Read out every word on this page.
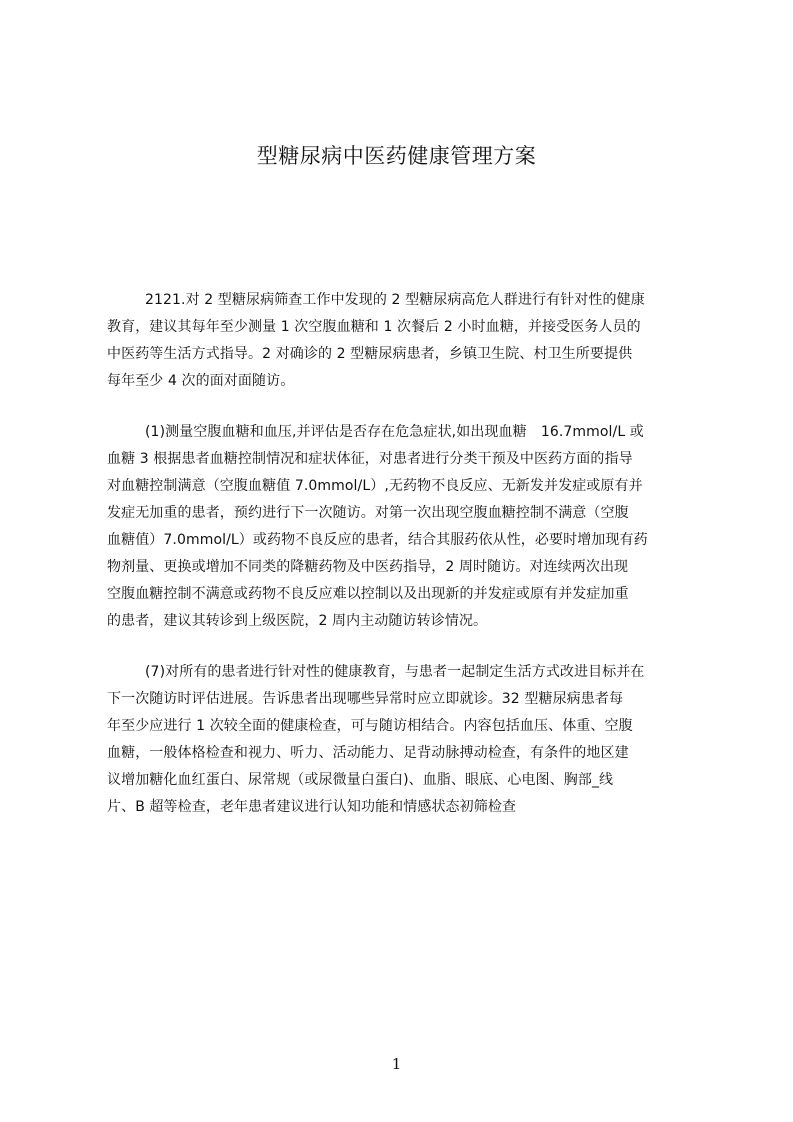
型糖尿病中医药健康管理方案
2121.对 2 型糖尿病筛查工作中发现的 2 型糖尿病高危人群进行有针对性的健康
教育，建议其每年至少测量 1 次空腹血糖和 1 次餐后 2 小时血糖，并接受医务人员的
中医药等生活方式指导。2 对确诊的 2 型糖尿病患者，乡镇卫生院、村卫生所要提供
每年至少 4 次的面对面随访。
(1)测量空腹血糖和血压,并评估是否存在危急症状,如出现血糖　16.7mmol/L 或
血糖 3 根据患者血糖控制情况和症状体征，对患者进行分类干预及中医药方面的指导
对血糖控制满意（空腹血糖值 7.0mmol/L）,无药物不良反应、无新发并发症或原有并
发症无加重的患者，预约进行下一次随访。对第一次出现空腹血糖控制不满意（空腹
血糖值）7.0mmol/L）或药物不良反应的患者，结合其服药依从性，必要时增加现有药
物剂量、更换或增加不同类的降糖药物及中医药指导，2 周时随访。对连续两次出现
空腹血糖控制不满意或药物不良反应难以控制以及出现新的并发症或原有并发症加重
的患者，建议其转诊到上级医院，2 周内主动随访转诊情况。
(7)对所有的患者进行针对性的健康教育，与患者一起制定生活方式改进目标并在
下一次随访时评估进展。告诉患者出现哪些异常时应立即就诊。32 型糖尿病患者每
年至少应进行 1 次较全面的健康检查，可与随访相结合。内容包括血压、体重、空腹
血糖，一般体格检查和视力、听力、活动能力、足背动脉搏动检查，有条件的地区建
议增加糖化血红蛋白、尿常规（或尿微量白蛋白)、血脂、眼底、心电图、胸部_线
片、B 超等检查，老年患者建议进行认知功能和情感状态初筛检查
1
